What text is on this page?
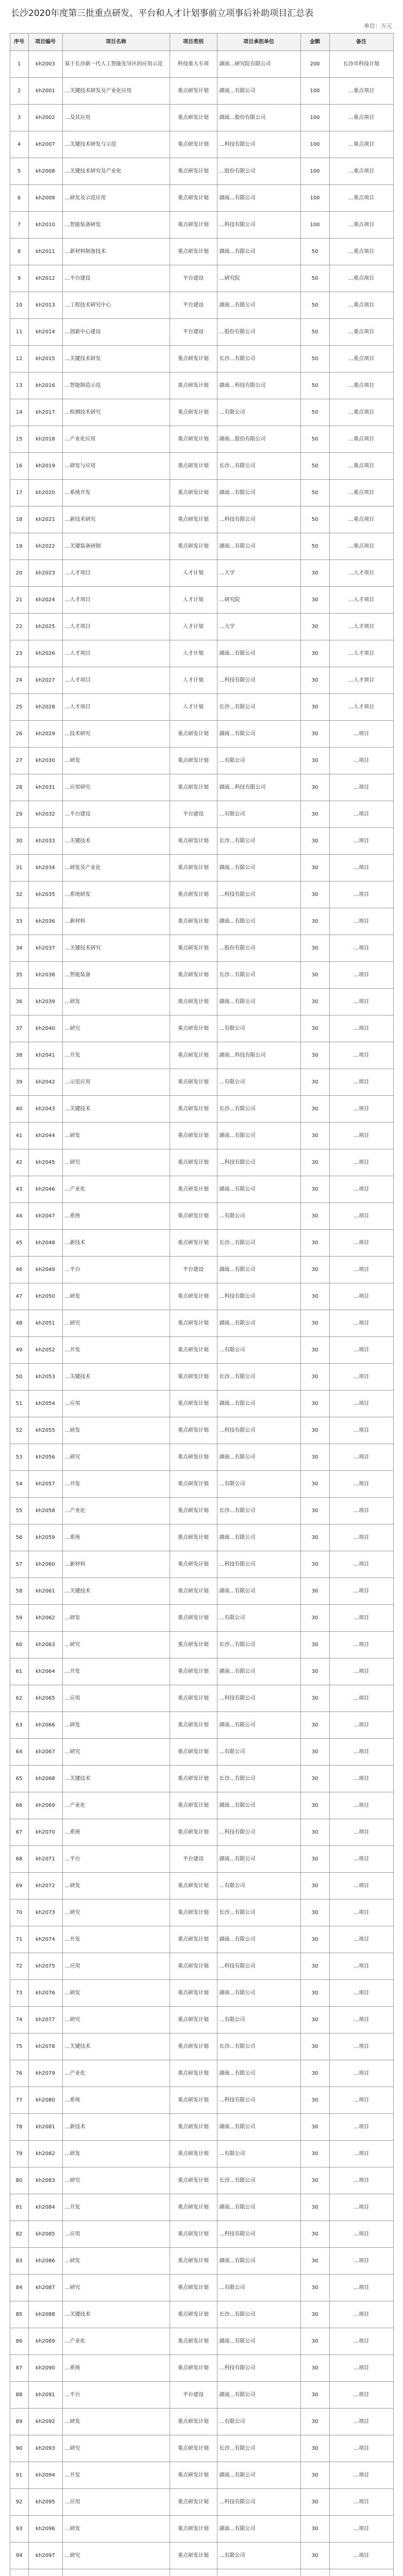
长沙2020年度第三批重点研发、平台和人才计划事前立项事后补助项目汇总表
单位：万元
序号	项目编号	项目名称	项目类别	项目承担单位	金额	备注
1	kh2003	基于长沙新一代人工智能先导区的应用示范	科技重大专项	湖南…研究院有限公司	200	长沙市科技计划
2	kh2001	…关键技术研发及产业化应用	重点研发计划	湖南…有限公司	100	…重点项目
3	kh2002	…及其应用	重点研发计划	湖南…股份有限公司	100	…重点项目
4	kh2007	…关键技术研发与示范	重点研发计划	…科技有限公司	100	…重点项目
5	kh2008	…关键技术研究及产业化	重点研发计划	…股份有限公司	100	…重点项目
6	kh2009	…研发及示范应用	重点研发计划	湖南…有限公司	100	…重点项目
7	kh2010	…智能装备研发	重点研发计划	…科技有限公司	100	…重点项目
8	kh2011	…新材料制备技术	重点研发计划	湖南…有限公司	50	…重点项目
9	kh2012	…平台建设	平台建设	…研究院	50	…重点项目
10	kh2013	…工程技术研究中心	平台建设	湖南…有限公司	50	…重点项目
11	kh2014	…创新中心建设	平台建设	…股份有限公司	50	…重点项目
12	kh2015	…关键技术研发	重点研发计划	长沙…有限公司	50	…重点项目
13	kh2016	…智能制造示范	重点研发计划	湖南…科技有限公司	50	…重点项目
14	kh2017	…检测技术研究	重点研发计划	…有限公司	50	…重点项目
15	kh2018	…产业化应用	重点研发计划	湖南…股份有限公司	50	…重点项目
16	kh2019	…研发与应用	重点研发计划	长沙…有限公司	50	…重点项目
17	kh2020	…系统开发	重点研发计划	湖南…有限公司	50	…重点项目
18	kh2021	…新技术研究	重点研发计划	…科技有限公司	50	…重点项目
19	kh2022	…关键装备研制	重点研发计划	湖南…有限公司	50	…重点项目
20	kh2023	…人才项目	人才计划	…大学	30	…人才项目
21	kh2024	…人才项目	人才计划	…研究院	30	…人才项目
22	kh2025	…人才项目	人才计划	…大学	30	…人才项目
23	kh2026	…人才项目	人才计划	湖南…有限公司	30	…人才项目
24	kh2027	…人才项目	人才计划	…科技有限公司	30	…人才项目
25	kh2028	…人才项目	人才计划	长沙…有限公司	30	…人才项目
26	kh2029	…技术研究	重点研发计划	湖南…有限公司	30	…项目
27	kh2030	…研发	重点研发计划	…有限公司	30	…项目
28	kh2031	…应用研究	重点研发计划	湖南…科技有限公司	30	…项目
29	kh2032	…平台建设	平台建设	…有限公司	30	…项目
30	kh2033	…关键技术	重点研发计划	长沙…有限公司	30	…项目
31	kh2034	…研发及产业化	重点研发计划	湖南…有限公司	30	…项目
32	kh2035	…系统研发	重点研发计划	…科技有限公司	30	…项目
33	kh2036	…新材料	重点研发计划	湖南…有限公司	30	…项目
34	kh2037	…关键技术研究	重点研发计划	…股份有限公司	30	…项目
35	kh2038	…智能装备	重点研发计划	长沙…有限公司	30	…项目
36	kh2039	…研发	重点研发计划	湖南…有限公司	30	…项目
37	kh2040	…研究	重点研发计划	…有限公司	30	…项目
38	kh2041	…开发	重点研发计划	湖南…科技有限公司	30	…项目
39	kh2042	…示范应用	重点研发计划	…有限公司	30	…项目
40	kh2043	…关键技术	重点研发计划	长沙…有限公司	30	…项目
41	kh2044	…研发	重点研发计划	湖南…有限公司	30	…项目
42	kh2045	…研究	重点研发计划	…科技有限公司	30	…项目
43	kh2046	…产业化	重点研发计划	湖南…有限公司	30	…项目
44	kh2047	…系统	重点研发计划	…有限公司	30	…项目
45	kh2048	…新技术	重点研发计划	长沙…有限公司	30	…项目
46	kh2049	…平台	平台建设	湖南…有限公司	30	…项目
47	kh2050	…研发	重点研发计划	…科技有限公司	30	…项目
48	kh2051	…研究	重点研发计划	湖南…有限公司	30	…项目
49	kh2052	…开发	重点研发计划	…有限公司	30	…项目
50	kh2053	…关键技术	重点研发计划	长沙…有限公司	30	…项目
51	kh2054	…应用	重点研发计划	湖南…有限公司	30	…项目
52	kh2055	…研发	重点研发计划	…科技有限公司	30	…项目
53	kh2056	…研究	重点研发计划	湖南…有限公司	30	…项目
54	kh2057	…开发	重点研发计划	…有限公司	30	…项目
55	kh2058	…产业化	重点研发计划	长沙…有限公司	30	…项目
56	kh2059	…系统	重点研发计划	湖南…有限公司	30	…项目
57	kh2060	…新材料	重点研发计划	…科技有限公司	30	…项目
58	kh2061	…关键技术	重点研发计划	湖南…有限公司	30	…项目
59	kh2062	…研发	重点研发计划	…有限公司	30	…项目
60	kh2063	…研究	重点研发计划	长沙…有限公司	30	…项目
61	kh2064	…开发	重点研发计划	湖南…有限公司	30	…项目
62	kh2065	…应用	重点研发计划	…科技有限公司	30	…项目
63	kh2066	…研发	重点研发计划	湖南…有限公司	30	…项目
64	kh2067	…研究	重点研发计划	…有限公司	30	…项目
65	kh2068	…关键技术	重点研发计划	长沙…有限公司	30	…项目
66	kh2069	…产业化	重点研发计划	湖南…有限公司	30	…项目
67	kh2070	…系统	重点研发计划	…科技有限公司	30	…项目
68	kh2071	…平台	平台建设	湖南…有限公司	30	…项目
69	kh2072	…研发	重点研发计划	…有限公司	30	…项目
70	kh2073	…研究	重点研发计划	长沙…有限公司	30	…项目
71	kh2074	…开发	重点研发计划	湖南…有限公司	30	…项目
72	kh2075	…应用	重点研发计划	…科技有限公司	30	…项目
73	kh2076	…研发	重点研发计划	湖南…有限公司	30	…项目
74	kh2077	…研究	重点研发计划	…有限公司	30	…项目
75	kh2078	…关键技术	重点研发计划	长沙…有限公司	30	…项目
76	kh2079	…产业化	重点研发计划	湖南…有限公司	30	…项目
77	kh2080	…系统	重点研发计划	…科技有限公司	30	…项目
78	kh2081	…新技术	重点研发计划	湖南…有限公司	30	…项目
79	kh2082	…研发	重点研发计划	…有限公司	30	…项目
80	kh2083	…研究	重点研发计划	长沙…有限公司	30	…项目
81	kh2084	…开发	重点研发计划	湖南…有限公司	30	…项目
82	kh2085	…应用	重点研发计划	…科技有限公司	30	…项目
83	kh2086	…研发	重点研发计划	湖南…有限公司	30	…项目
84	kh2087	…研究	重点研发计划	…有限公司	30	…项目
85	kh2088	…关键技术	重点研发计划	长沙…有限公司	30	…项目
86	kh2089	…产业化	重点研发计划	湖南…有限公司	30	…项目
87	kh2090	…系统	重点研发计划	…科技有限公司	30	…项目
88	kh2091	…平台	平台建设	湖南…有限公司	30	…项目
89	kh2092	…研发	重点研发计划	…有限公司	30	…项目
90	kh2093	…研究	重点研发计划	长沙…有限公司	30	…项目
91	kh2094	…开发	重点研发计划	湖南…有限公司	30	…项目
92	kh2095	…应用	重点研发计划	…科技有限公司	30	…项目
93	kh2096	…研发	重点研发计划	湖南…有限公司	30	…项目
94	kh2097	…研究	重点研发计划	…有限公司	30	…项目
